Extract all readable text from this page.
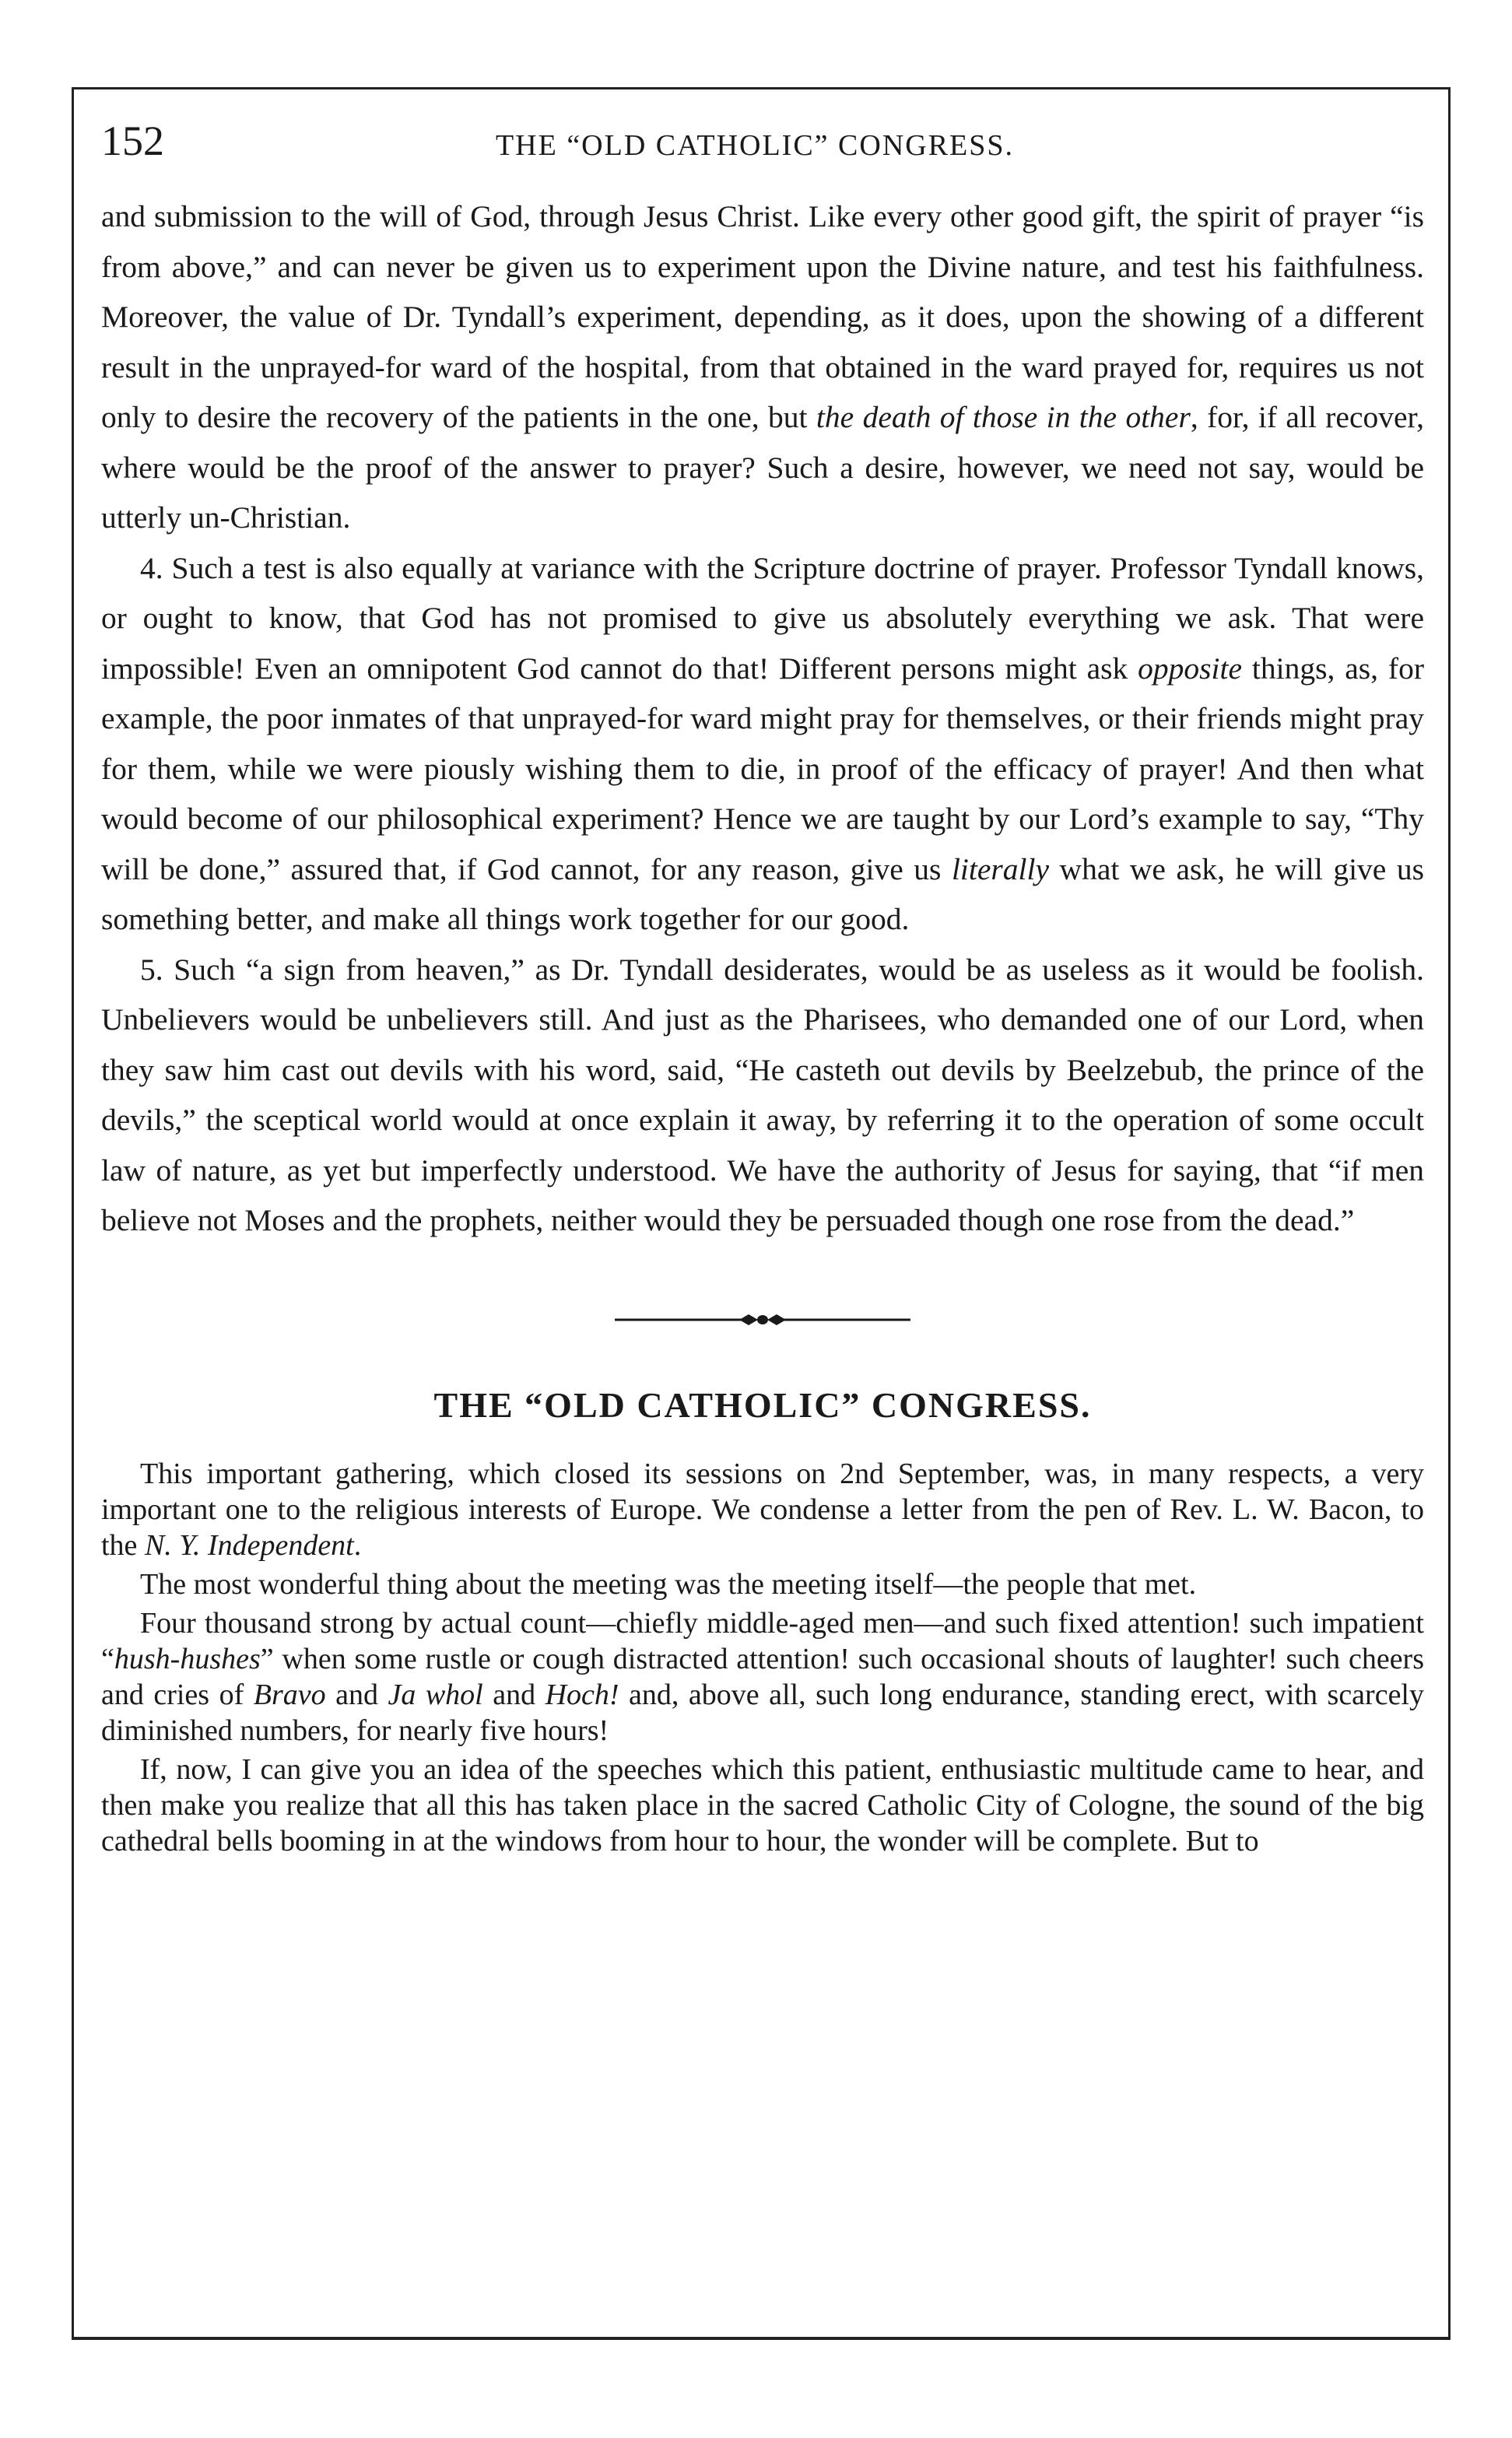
152	THE “OLD CATHOLIC” CONGRESS.

and submission to the will of God, through Jesus Christ. Like every other good gift, the spirit of prayer “is from above,” and can never be given us to experiment upon the Divine nature, and test his faithfulness. Moreover, the value of Dr. Tyndall’s experiment, depending, as it does, upon the showing of a different result in the unprayed-for ward of the hospital, from that obtained in the ward prayed for, requires us not only to desire the recovery of the patients in the one, but the death of those in the other, for, if all recover, where would be the proof of the answer to prayer? Such a desire, however, we need not say, would be utterly un-Christian.

4. Such a test is also equally at variance with the Scripture doctrine of prayer. Professor Tyndall knows, or ought to know, that God has not promised to give us absolutely everything we ask. That were impossible! Even an omnipotent God cannot do that! Different persons might ask opposite things, as, for example, the poor inmates of that unprayed-for ward might pray for themselves, or their friends might pray for them, while we were piously wishing them to die, in proof of the efficacy of prayer! And then what would become of our philosophical experiment? Hence we are taught by our Lord’s example to say, “Thy will be done,” assured that, if God cannot, for any reason, give us literally what we ask, he will give us something better, and make all things work together for our good.

5. Such “a sign from heaven,” as Dr. Tyndall desiderates, would be as useless as it would be foolish. Unbelievers would be unbelievers still. And just as the Pharisees, who demanded one of our Lord, when they saw him cast out devils with his word, said, “He casteth out devils by Beelzebub, the prince of the devils,” the sceptical world would at once explain it away, by referring it to the operation of some occult law of nature, as yet but imperfectly understood. We have the authority of Jesus for saying, that “if men believe not Moses and the prophets, neither would they be persuaded though one rose from the dead.”

THE “OLD CATHOLIC” CONGRESS.

This important gathering, which closed its sessions on 2nd September, was, in many respects, a very important one to the religious interests of Europe. We condense a letter from the pen of Rev. L. W. Bacon, to the N. Y. Independent.

The most wonderful thing about the meeting was the meeting itself—the people that met.

Four thousand strong by actual count—chiefly middle-aged men—and such fixed attention! such impatient “hush-hushes” when some rustle or cough distracted attention! such occasional shouts of laughter! such cheers and cries of Bravo and Ja whol and Hoch! and, above all, such long endurance, standing erect, with scarcely diminished numbers, for nearly five hours!

If, now, I can give you an idea of the speeches which this patient, enthusiastic multitude came to hear, and then make you realize that all this has taken place in the sacred Catholic City of Cologne, the sound of the big cathedral bells booming in at the windows from hour to hour, the wonder will be complete. But to
